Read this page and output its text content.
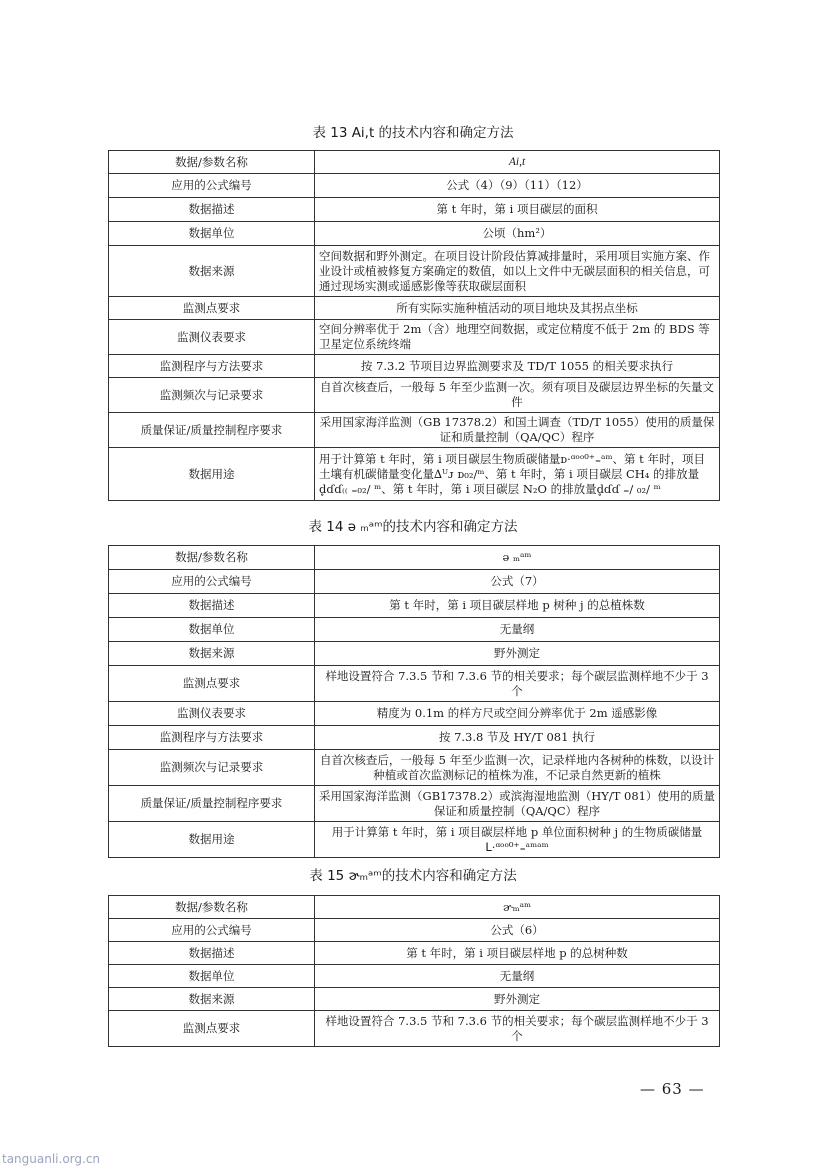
表 13 Ai,t 的技术内容和确定方法
数据/参数名称	Ai,t
应用的公式编号	公式（4）（9）（11）（12）
数据描述	第 t 年时，第 i 项目碳层的面积
数据单位	公顷（hm²）
数据来源	空间数据和野外测定。在项目设计阶段估算减排量时，采用项目实施方案、作业设计或植被修复方案确定的数值，如以上文件中无碳层面积的相关信息，可通过现场实测或遥感影像等获取碳层面积
监测点要求	所有实际实施种植活动的项目地块及其拐点坐标
监测仪表要求	空间分辨率优于 2m（含）地理空间数据，或定位精度不低于 2m 的 BDS 等卫星定位系统终端
监测程序与方法要求	按 7.3.2 节项目边界监测要求及 TD/T 1055 的相关要求执行
监测频次与记录要求	自首次核查后，一般每 5 年至少监测一次。须有项目及碳层边界坐标的矢量文件
质量保证/质量控制程序要求	采用国家海洋监测（GB 17378.2）和国土调查（TD/T 1055）使用的质量保证和质量控制（QA/QC）程序
数据用途	用于计算第 t 年时，第 i 项目碳层生物质碳储量ᴅ·ᵅᵒᵒ⁰⁺₌ᵃᵐ、第 t 年时，项目土壤有机碳储量变化量∆ᵁᴊ ᴅ₀₂/ᵐ、第 t 年时，第 i 项目碳层 CH₄ 的排放量d̥ɗɗ₍₍ ₌₀₂/ ᵐ、第 t 年时，第 i 项目碳层 N₂O 的排放量d̥ɗɗ ₌/ ₀₂/ ᵐ
表 14 ǝ ₘᵃᵐ的技术内容和确定方法
数据/参数名称	ǝ ₘᵃᵐ
应用的公式编号	公式（7）
数据描述	第 t 年时，第 i 项目碳层样地 p 树种 j 的总植株数
数据单位	无量纲
数据来源	野外测定
监测点要求	样地设置符合 7.3.5 节和 7.3.6 节的相关要求；每个碳层监测样地不少于 3 个
监测仪表要求	精度为 0.1m 的样方尺或空间分辨率优于 2m 遥感影像
监测程序与方法要求	按 7.3.8 节及 HY/T 081 执行
监测频次与记录要求	自首次核查后，一般每 5 年至少监测一次，记录样地内各树种的株数，以设计种植或首次监测标记的植株为准，不记录自然更新的植株
质量保证/质量控制程序要求	采用国家海洋监测（GB17378.2）或滨海湿地监测（HY/T 081）使用的质量保证和质量控制（QA/QC）程序
数据用途	用于计算第 t 年时，第 i 项目碳层样地 p 单位面积树种 j 的生物质碳储量ᒪ·ᵅᵒᵒ⁰⁺₌ᵃᵐᵃᵐ
表 15 ɚₘᵃᵐ的技术内容和确定方法
数据/参数名称	ɚₘᵃᵐ
应用的公式编号	公式（6）
数据描述	第 t 年时，第 i 项目碳层样地 p 的总树种数
数据单位	无量纲
数据来源	野外测定
监测点要求	样地设置符合 7.3.5 节和 7.3.6 节的相关要求；每个碳层监测样地不少于 3 个
— 63 —
tanguanli.org.cn
